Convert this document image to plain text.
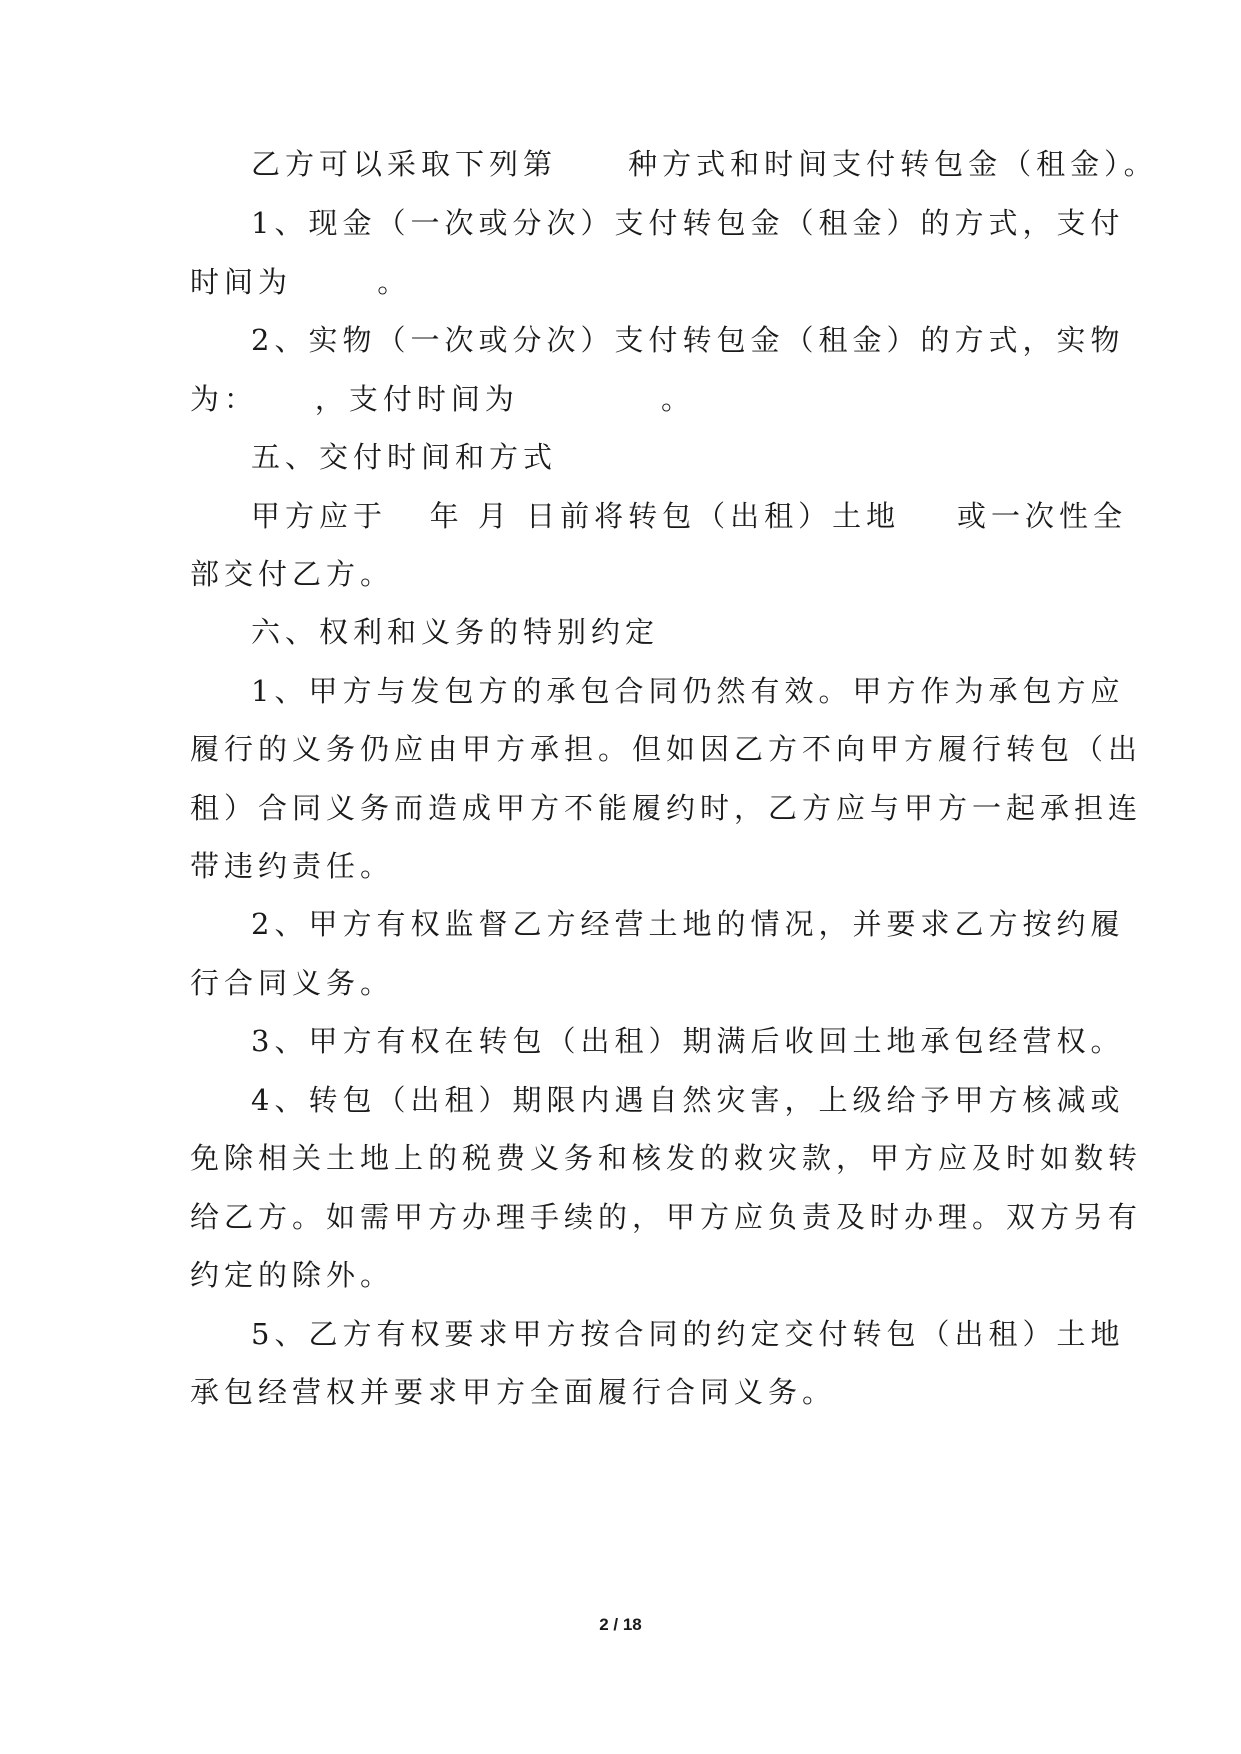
乙方可以采取下列第     种方式和时间支付转包金（租金）。
1、现金（一次或分次）支付转包金（租金）的方式，支付
时间为      。
2、实物（一次或分次）支付转包金（租金）的方式，实物
为：    ，支付时间为          。
五、交付时间和方式
甲方应于   年 月 日前将转包（出租）土地    或一次性全
部交付乙方。
六、权利和义务的特别约定
1、甲方与发包方的承包合同仍然有效。甲方作为承包方应
履行的义务仍应由甲方承担。但如因乙方不向甲方履行转包（出
租）合同义务而造成甲方不能履约时，乙方应与甲方一起承担连
带违约责任。
2、甲方有权监督乙方经营土地的情况，并要求乙方按约履
行合同义务。
3、甲方有权在转包（出租）期满后收回土地承包经营权。
4、转包（出租）期限内遇自然灾害，上级给予甲方核减或
免除相关土地上的税费义务和核发的救灾款，甲方应及时如数转
给乙方。如需甲方办理手续的，甲方应负责及时办理。双方另有
约定的除外。
5、乙方有权要求甲方按合同的约定交付转包（出租）土地
承包经营权并要求甲方全面履行合同义务。
2 / 18
